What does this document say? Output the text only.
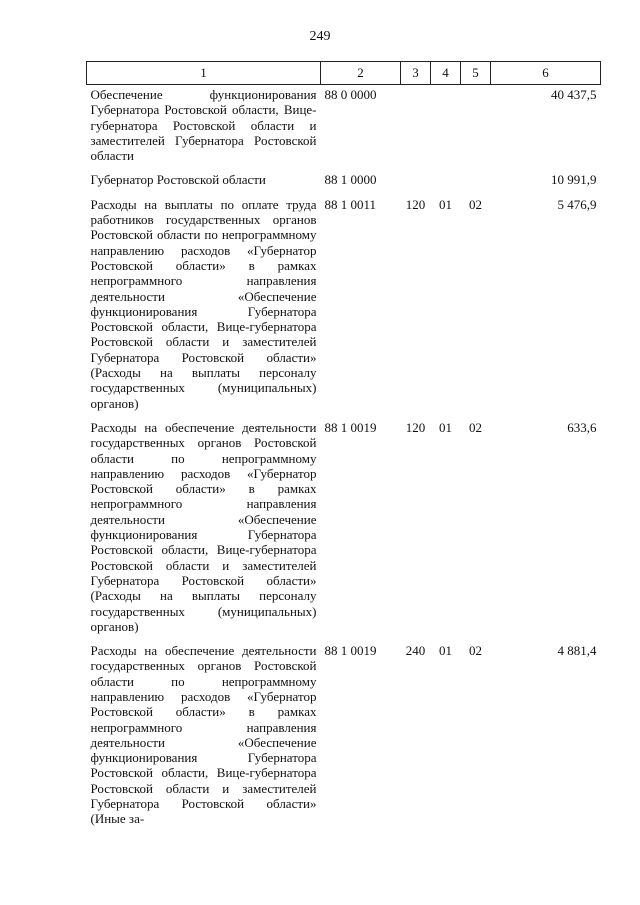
249
1	2	3	4	5	6
Обеспечение функционирования Губернатора Ростовской области, Вице-губернатора Ростовской области и заместителей Губернатора Ростовской области	88 0 0000				40 437,5
Губернатор Ростовской области	88 1 0000				10 991,9
Расходы на выплаты по оплате труда работников государственных органов Ростовской области по непрограммному направлению расходов «Губернатор Ростовской области» в рамках непрограммного направления деятельности «Обеспечение функционирования Губернатора Ростовской области, Вице-губернатора Ростовской области и заместителей Губернатора Ростовской области» (Расходы на выплаты персоналу государственных (муниципальных) органов)	88 1 0011	120	01	02	5 476,9
Расходы на обеспечение деятельности государственных органов Ростовской области по непрограммному направлению расходов «Губернатор Ростовской области» в рамках непрограммного направления деятельности «Обеспечение функционирования Губернатора Ростовской области, Вице-губернатора Ростовской области и заместителей Губернатора Ростовской области» (Расходы на выплаты персоналу государственных (муниципальных) органов)	88 1 0019	120	01	02	633,6
Расходы на обеспечение деятельности государственных органов Ростовской области по непрограммному направлению расходов «Губернатор Ростовской области» в рамках непрограммного направления деятельности «Обеспечение функционирования Губернатора Ростовской области, Вице-губернатора Ростовской области и заместителей Губернатора Ростовской области» (Иные за-	88 1 0019	240	01	02	4 881,4
